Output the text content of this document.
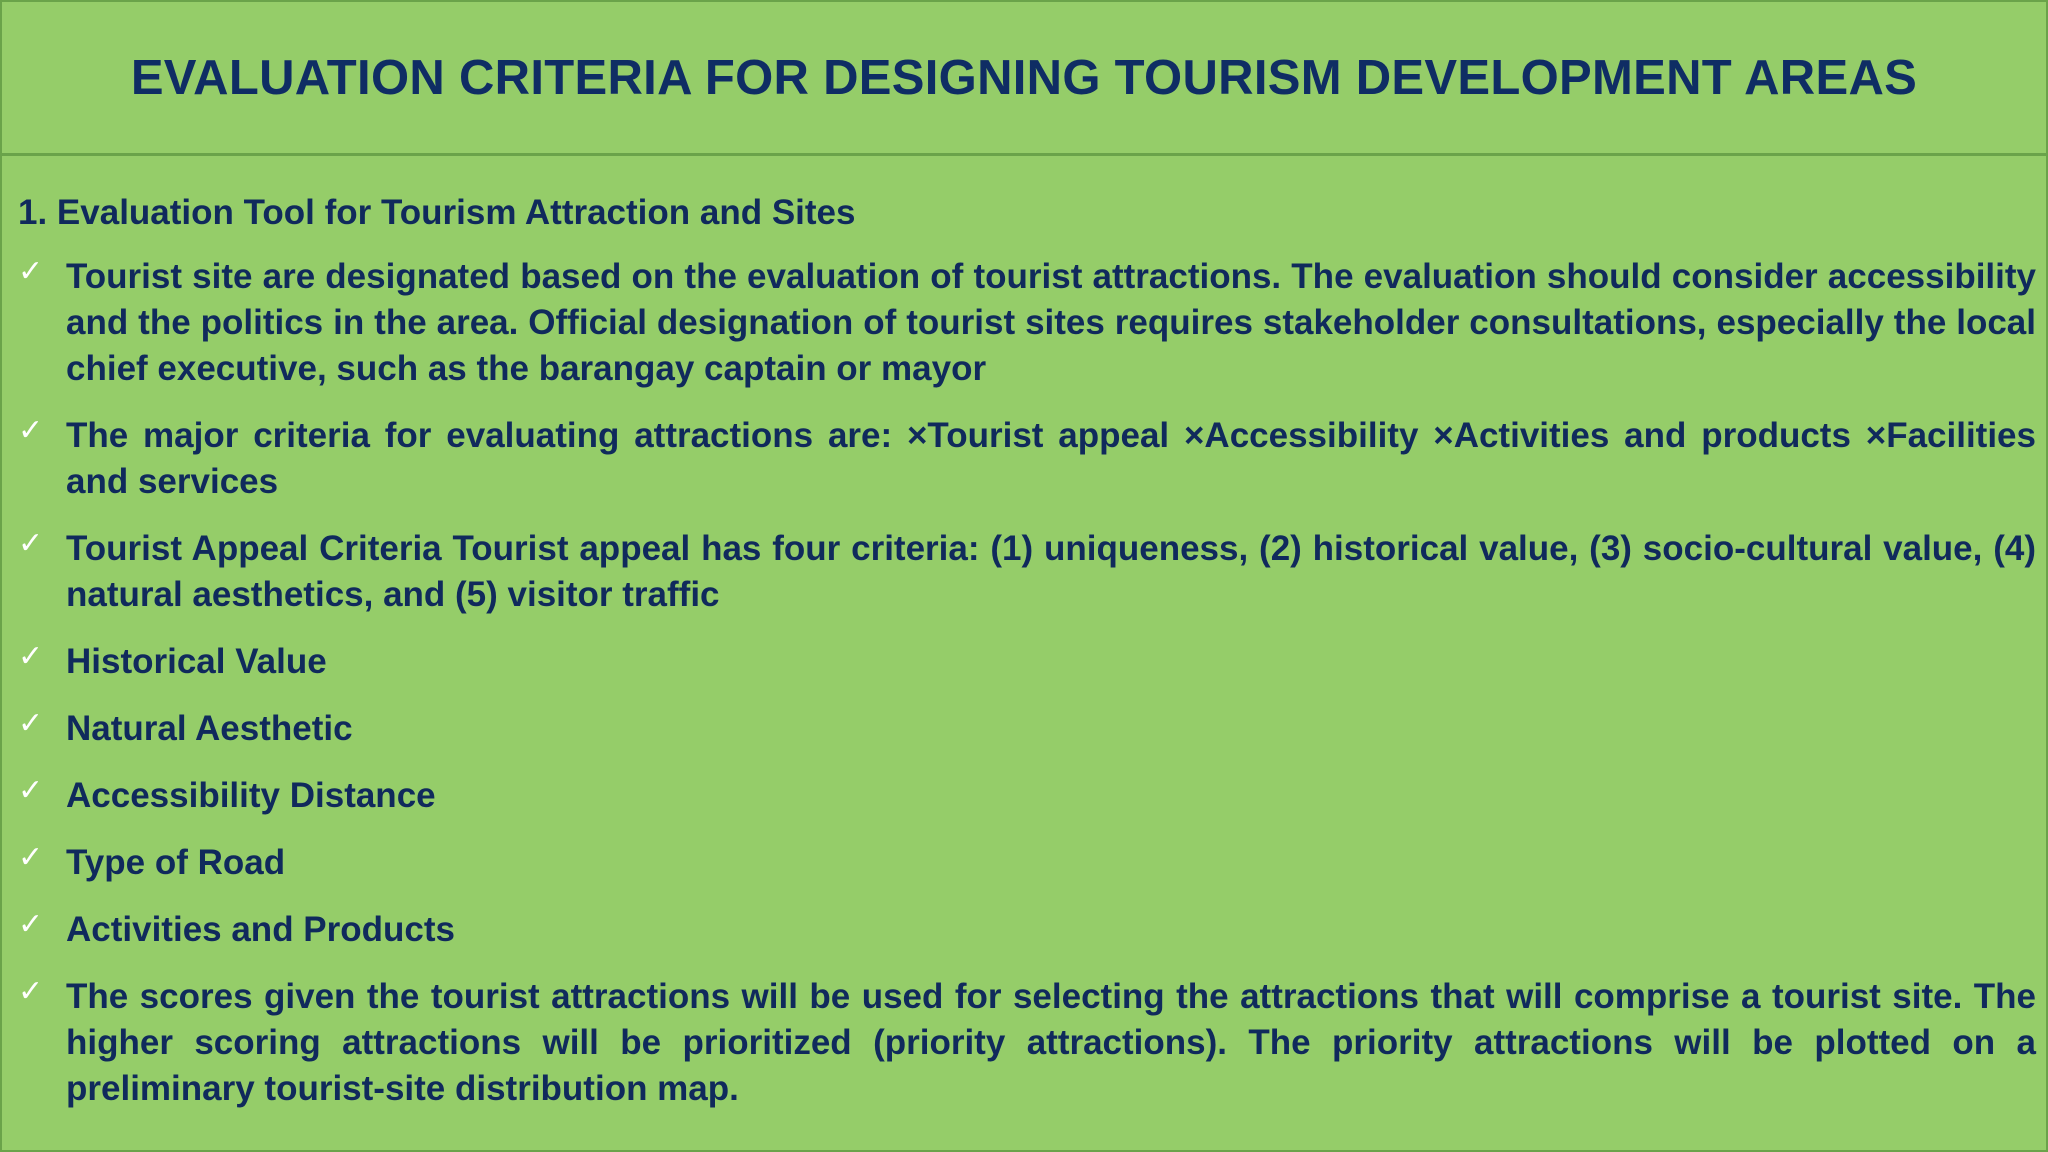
EVALUATION CRITERIA FOR DESIGNING TOURISM DEVELOPMENT AREAS
1. Evaluation Tool for Tourism Attraction and Sites
✓ Tourist site are designated based on the evaluation of tourist attractions. The evaluation should consider accessibility and the politics in the area. Official designation of tourist sites requires stakeholder consultations, especially the local chief executive, such as the barangay captain or mayor
✓ The major criteria for evaluating attractions are: ×Tourist appeal ×Accessibility ×Activities and products ×Facilities and services
✓ Tourist Appeal Criteria Tourist appeal has four criteria: (1) uniqueness, (2) historical value, (3) socio-cultural value, (4) natural aesthetics, and (5) visitor traffic
✓ Historical Value
✓ Natural Aesthetic
✓ Accessibility Distance
✓ Type of Road
✓ Activities and Products
✓ The scores given the tourist attractions will be used for selecting the attractions that will comprise a tourist site. The higher scoring attractions will be prioritized (priority attractions). The priority attractions will be plotted on a preliminary tourist-site distribution map.
